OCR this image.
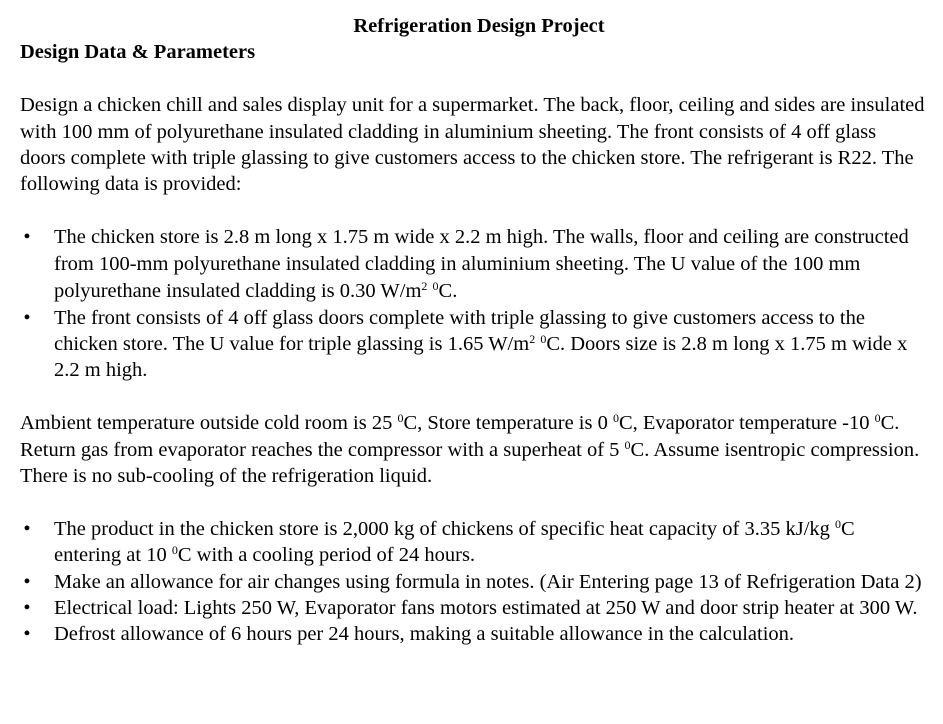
Refrigeration Design Project
Design Data & Parameters

Design a chicken chill and sales display unit for a supermarket. The back, floor, ceiling and sides are insulated with 100 mm of polyurethane insulated cladding in aluminium sheeting. The front consists of 4 off glass doors complete with triple glassing to give customers access to the chicken store. The refrigerant is R22. The following data is provided:

• The chicken store is 2.8 m long x 1.75 m wide x 2.2 m high. The walls, floor and ceiling are constructed from 100-mm polyurethane insulated cladding in aluminium sheeting. The U value of the 100 mm polyurethane insulated cladding is 0.30 $W/m^2$ $^0$C.
• The front consists of 4 off glass doors complete with triple glassing to give customers access to the chicken store. The U value for triple glassing is 1.65 $W/m^2$ $^0$C. Doors size is 2.8 m long x 1.75 m wide x 2.2 m high.

Ambient temperature outside cold room is 25 $^0$C, Store temperature is 0 $^0$C, Evaporator temperature -10 $^0$C. Return gas from evaporator reaches the compressor with a superheat of 5 $^0$C. Assume isentropic compression. There is no sub-cooling of the refrigeration liquid.

• The product in the chicken store is 2,000 kg of chickens of specific heat capacity of 3.35 kJ/kg $^0$C entering at 10 $^0$C with a cooling period of 24 hours.
• Make an allowance for air changes using formula in notes. (Air Entering page 13 of Refrigeration Data 2)
• Electrical load: Lights 250 W, Evaporator fans motors estimated at 250 W and door strip heater at 300 W.
• Defrost allowance of 6 hours per 24 hours, making a suitable allowance in the calculation.
